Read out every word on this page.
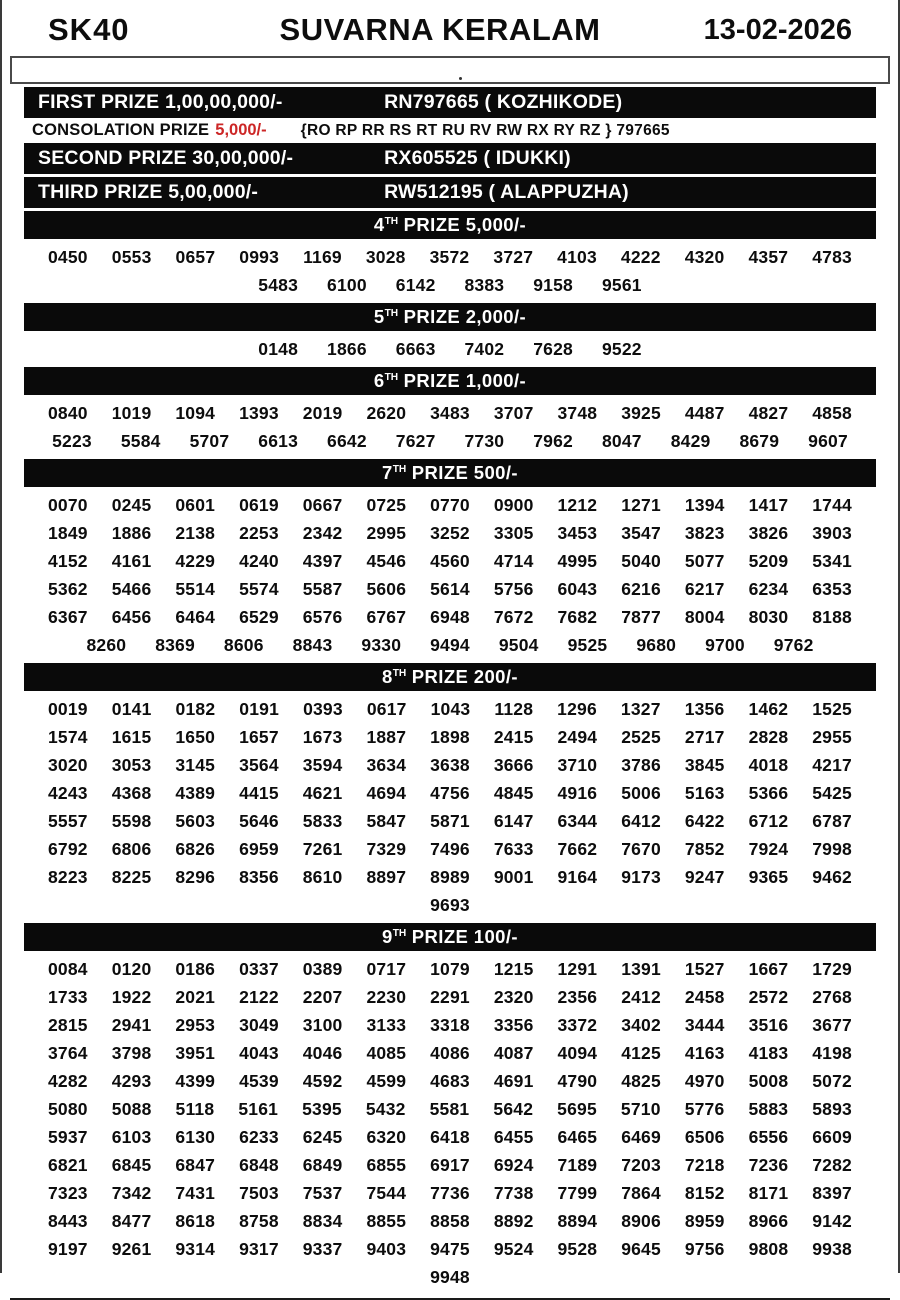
SK40	SUVARNA KERALAM	13-02-2026
FIRST PRIZE 1,00,00,000/-	RN797665 ( KOZHIKODE)
CONSOLATION PRIZE 5,000/- {RO RP RR RS RT RU RV RW RX RY RZ } 797665
SECOND PRIZE 30,00,000/-	RX605525 ( IDUKKI)
THIRD PRIZE 5,00,000/-	RW512195 ( ALAPPUZHA)
4TH PRIZE 5,000/-
0450 0553 0657 0993 1169 3028 3572 3727 4103 4222 4320 4357 4783
5483 6100 6142 8383 9158 9561
5TH PRIZE 2,000/-
0148 1866 6663 7402 7628 9522
6TH PRIZE 1,000/-
0840 1019 1094 1393 2019 2620 3483 3707 3748 3925 4487 4827 4858
5223 5584 5707 6613 6642 7627 7730 7962 8047 8429 8679 9607
7TH PRIZE 500/-
0070 0245 0601 0619 0667 0725 0770 0900 1212 1271 1394 1417 1744
1849 1886 2138 2253 2342 2995 3252 3305 3453 3547 3823 3826 3903
4152 4161 4229 4240 4397 4546 4560 4714 4995 5040 5077 5209 5341
5362 5466 5514 5574 5587 5606 5614 5756 6043 6216 6217 6234 6353
6367 6456 6464 6529 6576 6767 6948 7672 7682 7877 8004 8030 8188
8260 8369 8606 8843 9330 9494 9504 9525 9680 9700 9762
8TH PRIZE 200/-
0019 0141 0182 0191 0393 0617 1043 1128 1296 1327 1356 1462 1525
1574 1615 1650 1657 1673 1887 1898 2415 2494 2525 2717 2828 2955
3020 3053 3145 3564 3594 3634 3638 3666 3710 3786 3845 4018 4217
4243 4368 4389 4415 4621 4694 4756 4845 4916 5006 5163 5366 5425
5557 5598 5603 5646 5833 5847 5871 6147 6344 6412 6422 6712 6787
6792 6806 6826 6959 7261 7329 7496 7633 7662 7670 7852 7924 7998
8223 8225 8296 8356 8610 8897 8989 9001 9164 9173 9247 9365 9462
9693
9TH PRIZE 100/-
0084 0120 0186 0337 0389 0717 1079 1215 1291 1391 1527 1667 1729
1733 1922 2021 2122 2207 2230 2291 2320 2356 2412 2458 2572 2768
2815 2941 2953 3049 3100 3133 3318 3356 3372 3402 3444 3516 3677
3764 3798 3951 4043 4046 4085 4086 4087 4094 4125 4163 4183 4198
4282 4293 4399 4539 4592 4599 4683 4691 4790 4825 4970 5008 5072
5080 5088 5118 5161 5395 5432 5581 5642 5695 5710 5776 5883 5893
5937 6103 6130 6233 6245 6320 6418 6455 6465 6469 6506 6556 6609
6821 6845 6847 6848 6849 6855 6917 6924 7189 7203 7218 7236 7282
7323 7342 7431 7503 7537 7544 7736 7738 7799 7864 8152 8171 8397
8443 8477 8618 8758 8834 8855 8858 8892 8894 8906 8959 8966 9142
9197 9261 9314 9317 9337 9403 9475 9524 9528 9645 9756 9808 9938
9948
